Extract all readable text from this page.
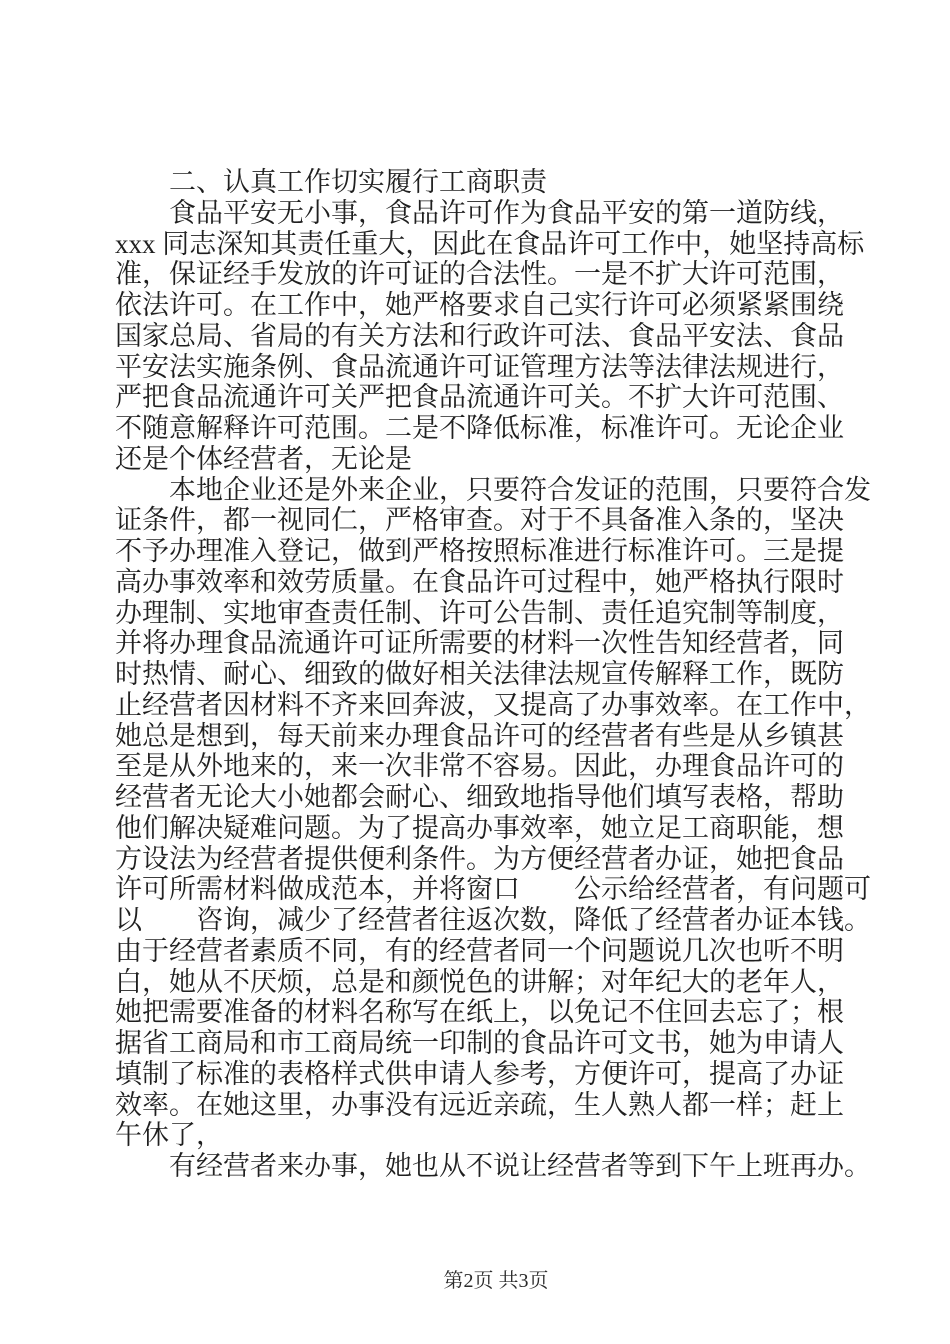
　　二、认真工作切实履行工商职责
　　食品平安无小事，食品许可作为食品平安的第一道防线，
xxx 同志深知其责任重大，因此在食品许可工作中，她坚持高标
准，保证经手发放的许可证的合法性。一是不扩大许可范围，
依法许可。在工作中，她严格要求自己实行许可必须紧紧围绕
国家总局、省局的有关方法和行政许可法、食品平安法、食品
平安法实施条例、食品流通许可证管理方法等法律法规进行，
严把食品流通许可关严把食品流通许可关。不扩大许可范围、
不随意解释许可范围。二是不降低标准，标准许可。无论企业
还是个体经营者，无论是
　　本地企业还是外来企业，只要符合发证的范围，只要符合发
证条件，都一视同仁，严格审查。对于不具备准入条的，坚决
不予办理准入登记，做到严格按照标准进行标准许可。三是提
高办事效率和效劳质量。在食品许可过程中，她严格执行限时
办理制、实地审查责任制、许可公告制、责任追究制等制度，
并将办理食品流通许可证所需要的材料一次性告知经营者，同
时热情、耐心、细致的做好相关法律法规宣传解释工作，既防
止经营者因材料不齐来回奔波，又提高了办事效率。在工作中，
她总是想到，每天前来办理食品许可的经营者有些是从乡镇甚
至是从外地来的，来一次非常不容易。因此，办理食品许可的
经营者无论大小她都会耐心、细致地指导他们填写表格，帮助
他们解决疑难问题。为了提高办事效率，她立足工商职能，想
方设法为经营者提供便利条件。为方便经营者办证，她把食品
许可所需材料做成范本，并将窗口　　公示给经营者，有问题可
以　　咨询，减少了经营者往返次数，降低了经营者办证本钱。
由于经营者素质不同，有的经营者同一个问题说几次也听不明
白，她从不厌烦，总是和颜悦色的讲解；对年纪大的老年人，
她把需要准备的材料名称写在纸上，以免记不住回去忘了；根
据省工商局和市工商局统一印制的食品许可文书，她为申请人
填制了标准的表格样式供申请人参考，方便许可，提高了办证
效率。在她这里，办事没有远近亲疏，生人熟人都一样；赶上
午休了，
　　有经营者来办事，她也从不说让经营者等到下午上班再办。

第2页 共3页
